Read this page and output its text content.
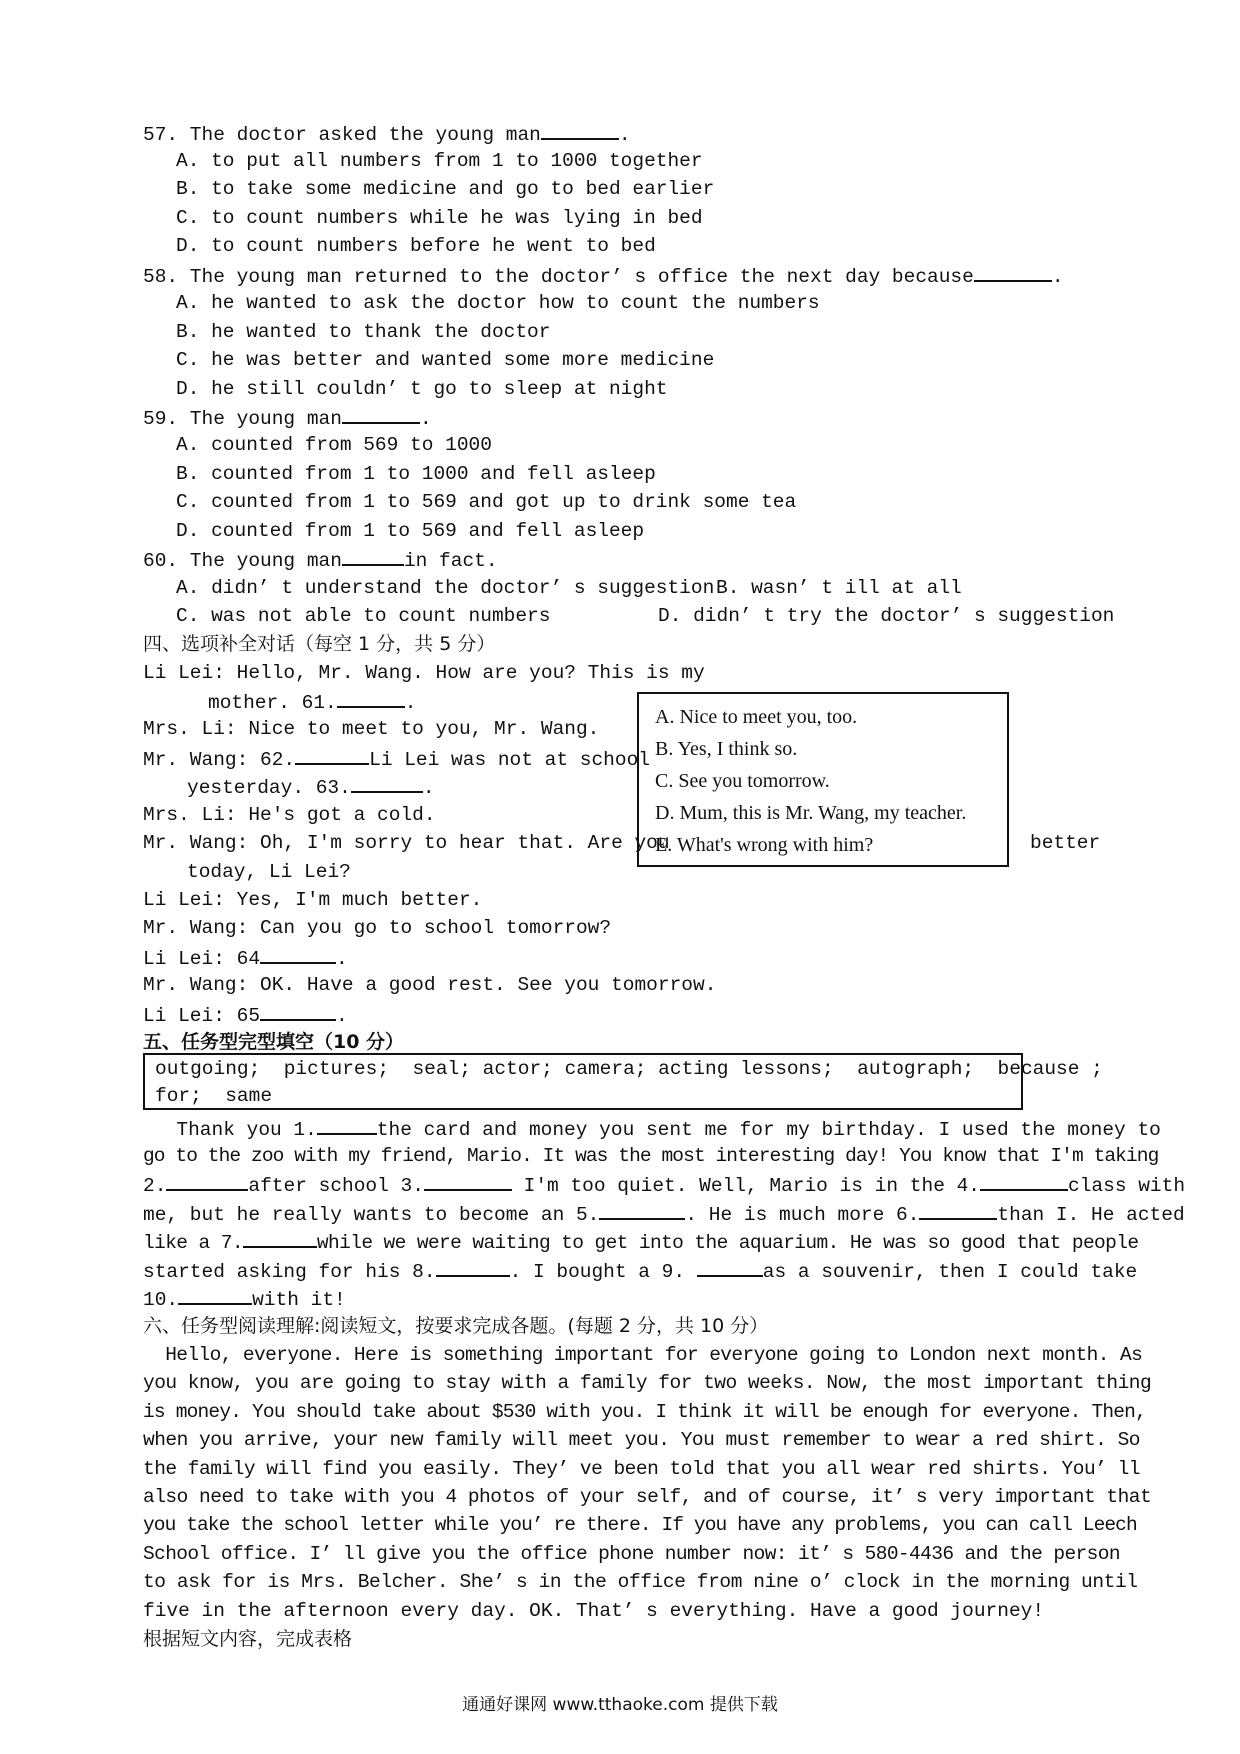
57. The doctor asked the young man	.
A. to put all numbers from 1 to 1000 together
B. to take some medicine and go to bed earlier
C. to count numbers while he was lying in bed
D. to count numbers before he went to bed
58. The young man returned to the doctor’ s office the next day because	.
A. he wanted to ask the doctor how to count the numbers
B. he wanted to thank the doctor
C. he was better and wanted some more medicine
D. he still couldn’ t go to sleep at night
59. The young man	.
A. counted from 569 to 1000
B. counted from 1 to 1000 and fell asleep
C. counted from 1 to 569 and got up to drink some tea
D. counted from 1 to 569 and fell asleep
60. The young man	in fact.
A. didn’ t understand the doctor’ s suggestion B. wasn’ t ill at all
C. was not able to count numbers	D. didn’ t try the doctor’ s suggestion
四、选项补全对话（每空 1 分，共 5 分）
Li Lei: Hello, Mr. Wang. How are you? This is my
mother. 61.	.
Mrs. Li: Nice to meet to you, Mr. Wang.
Mr. Wang: 62.	Li Lei was not at school
yesterday. 63.	.
Mrs. Li: He's got a cold.
Mr. Wang: Oh, I'm sorry to hear that. Are you	better
today, Li Lei?
Li Lei: Yes, I'm much better.
Mr. Wang: Can you go to school tomorrow?
Li Lei: 64	.
Mr. Wang: OK. Have a good rest. See you tomorrow.
Li Lei: 65	.
A. Nice to meet you, too.
B. Yes, I think so.
C. See you tomorrow.
D. Mum, this is Mr. Wang, my teacher.
E. What's wrong with him?
五、任务型完型填空（10 分）
outgoing;  pictures;  seal; actor; camera; acting lessons;  autograph;  because ;
for;  same
Thank you 1.	the card and money you sent me for my birthday. I used the money to
go to the zoo with my friend, Mario. It was the most interesting day! You know that I'm taking
2.	after school 3.	I'm too quiet. Well, Mario is in the 4.	class with
me, but he really wants to become an 5.	. He is much more 6.	than I. He acted
like a 7.	while we were waiting to get into the aquarium. He was so good that people
started asking for his 8.	. I bought a 9.	as a souvenir, then I could take
10.	with it!
六、任务型阅读理解:阅读短文，按要求完成各题。(每题 2 分，共 10 分）
Hello, everyone. Here is something important for everyone going to London next month. As
you know, you are going to stay with a family for two weeks. Now, the most important thing
is money. You should take about $530 with you. I think it will be enough for everyone. Then,
when you arrive, your new family will meet you. You must remember to wear a red shirt. So
the family will find you easily. They’ ve been told that you all wear red shirts. You’ ll
also need to take with you 4 photos of your self, and of course, it’ s very important that
you take the school letter while you’ re there. If you have any problems, you can call Leech
School office. I’ ll give you the office phone number now: it’ s 580-4436 and the person
to ask for is Mrs. Belcher. She’ s in the office from nine o’ clock in the morning until
five in the afternoon every day. OK. That’ s everything. Have a good journey!
根据短文内容，完成表格
通通好课网 www.tthaoke.com 提供下载
